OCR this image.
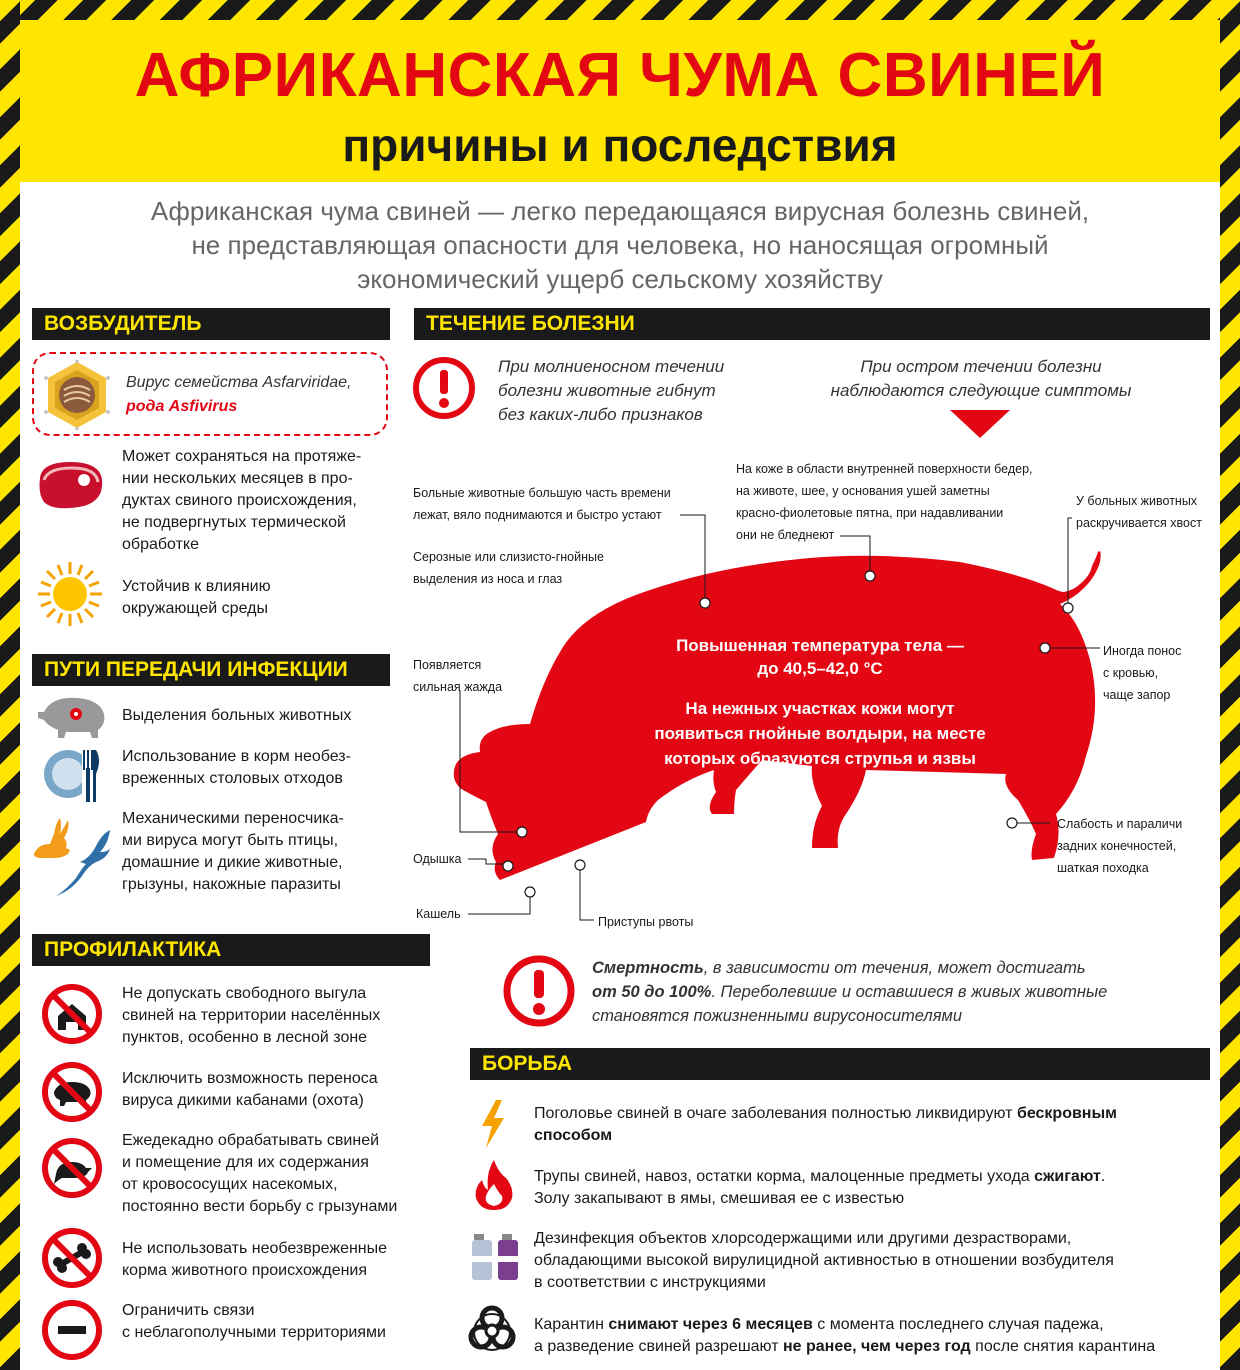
АФРИКАНСКАЯ ЧУМА СВИНЕЙ
причины и последствия
Африканская чума свиней — легко передающаяся вирусная болезнь свиней,
не представляющая опасности для человека, но наносящая огромный
экономический ущерб сельскому хозяйству
ВОЗБУДИТЕЛЬ
Вирус семейства Asfarviridae,
рода Asfivirus
Может сохраняться на протяже-
нии нескольких месяцев в про-
дуктах свиного происхождения,
не подвергнутых термической
обработке
Устойчив к влиянию
окружающей среды
ПУТИ ПЕРЕДАЧИ ИНФЕКЦИИ
Выделения больных животных
Использование в корм необез-
вреженных столовых отходов
Механическими переносчика-
ми вируса могут быть птицы,
домашние и дикие животные,
грызуны, накожные паразиты
ПРОФИЛАКТИКА
Не допускать свободного выгула
свиней на территории населённых
пунктов, особенно в лесной зоне
Исключить возможность переноса
вируса дикими кабанами (охота)
Ежедекадно обрабатывать свиней
и помещение для их содержания
от кровососущих насекомых,
постоянно вести борьбу с грызунами
Не использовать необезвреженные
корма животного происхождения
Ограничить связи
с неблагополучными территориями
ТЕЧЕНИЕ БОЛЕЗНИ
При молниеносном течении
болезни животные гибнут
без каких-либо признаков
При остром течении болезни
наблюдаются следующие симптомы
Повышенная температура тела —
до 40,5–42,0 °С
На нежных участках кожи могут
появиться гнойные волдыри, на месте
которых образуются струпья и язвы
На коже в области внутренней поверхности бедер,
на животе, шее, у основания ушей заметны
красно-фиолетовые пятна, при надавливании
они не бледнеют
Больные животные большую часть времени
лежат, вяло поднимаются и быстро устают
Серозные или слизисто-гнойные
выделения из носа и глаз
У больных животных
раскручивается хвост
Появляется
сильная жажда
Иногда понос
с кровью,
чаще запор
Слабость и параличи
задних конечностей,
шаткая походка
Одышка
Кашель
Приступы рвоты
Смертность, в зависимости от течения, может достигать
от 50 до 100%. Переболевшие и оставшиеся в живых животные
становятся пожизненными вирусоносителями
БОРЬБА
Поголовье свиней в очаге заболевания полностью ликвидируют бескровным
способом
Трупы свиней, навоз, остатки корма, малоценные предметы ухода сжигают.
Золу закапывают в ямы, смешивая ее с известью
Дезинфекция объектов хлорсодержащими или другими дезрастворами,
обладающими высокой вирулицидной активностью в отношении возбудителя
в соответствии с инструкциями
Карантин снимают через 6 месяцев с момента последнего случая падежа,
а разведение свиней разрешают не ранее, чем через год после снятия карантина
